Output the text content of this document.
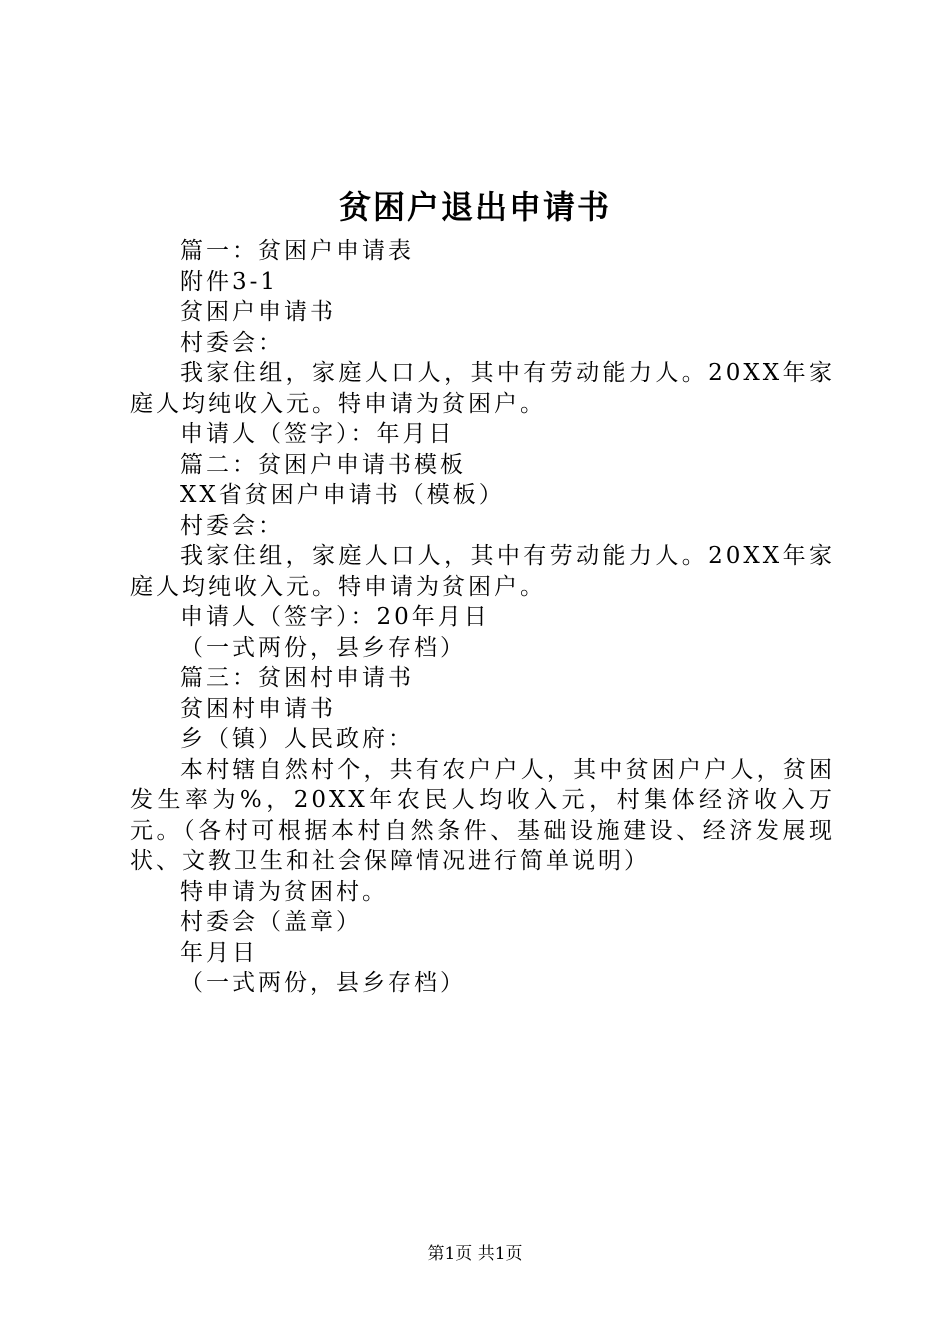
贫困户退出申请书

篇一：贫困户申请表

附件3-1

贫困户申请书

村委会：

我家住组，家庭人口人，其中有劳动能力人。20XX年家庭人均纯收入元。特申请为贫困户。

申请人（签字）：年月日

篇二：贫困户申请书模板

XX省贫困户申请书（模板）

村委会：

我家住组，家庭人口人，其中有劳动能力人。20XX年家庭人均纯收入元。特申请为贫困户。

申请人（签字）：20年月日

（一式两份，县乡存档）

篇三：贫困村申请书

贫困村申请书

乡（镇）人民政府：

本村辖自然村个，共有农户户人，其中贫困户户人，贫困发生率为%，20XX年农民人均收入元，村集体经济收入万元。（各村可根据本村自然条件、基础设施建设、经济发展现状、文教卫生和社会保障情况进行简单说明）

特申请为贫困村。

村委会（盖章）

年月日

（一式两份，县乡存档）

第1页 共1页
